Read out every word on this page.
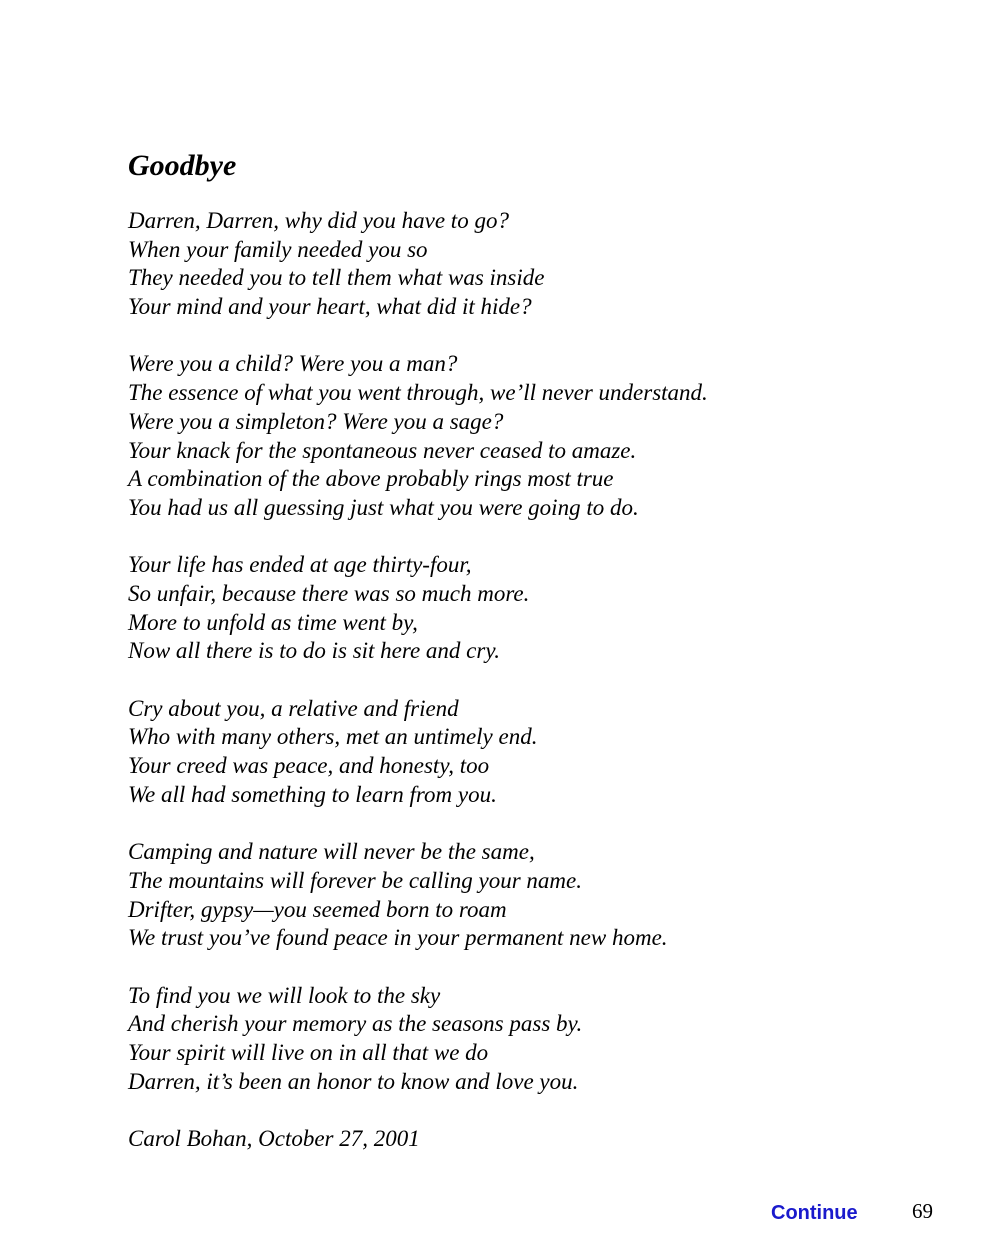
Goodbye
Darren, Darren, why did you have to go?
When your family needed you so
They needed you to tell them what was inside
Your mind and your heart, what did it hide?
Were you a child? Were you a man?
The essence of what you went through, we’ll never understand.
Were you a simpleton? Were you a sage?
Your knack for the spontaneous never ceased to amaze.
A combination of the above probably rings most true
You had us all guessing just what you were going to do.
Your life has ended at age thirty-four,
So unfair, because there was so much more.
More to unfold as time went by,
Now all there is to do is sit here and cry.
Cry about you, a relative and friend
Who with many others, met an untimely end.
Your creed was peace, and honesty, too
We all had something to learn from you.
Camping and nature will never be the same,
The mountains will forever be calling your name.
Drifter, gypsy—you seemed born to roam
We trust you’ve found peace in your permanent new home.
To find you we will look to the sky
And cherish your memory as the seasons pass by.
Your spirit will live on in all that we do
Darren, it’s been an honor to know and love you.
Carol Bohan, October 27, 2001
Continue	69
